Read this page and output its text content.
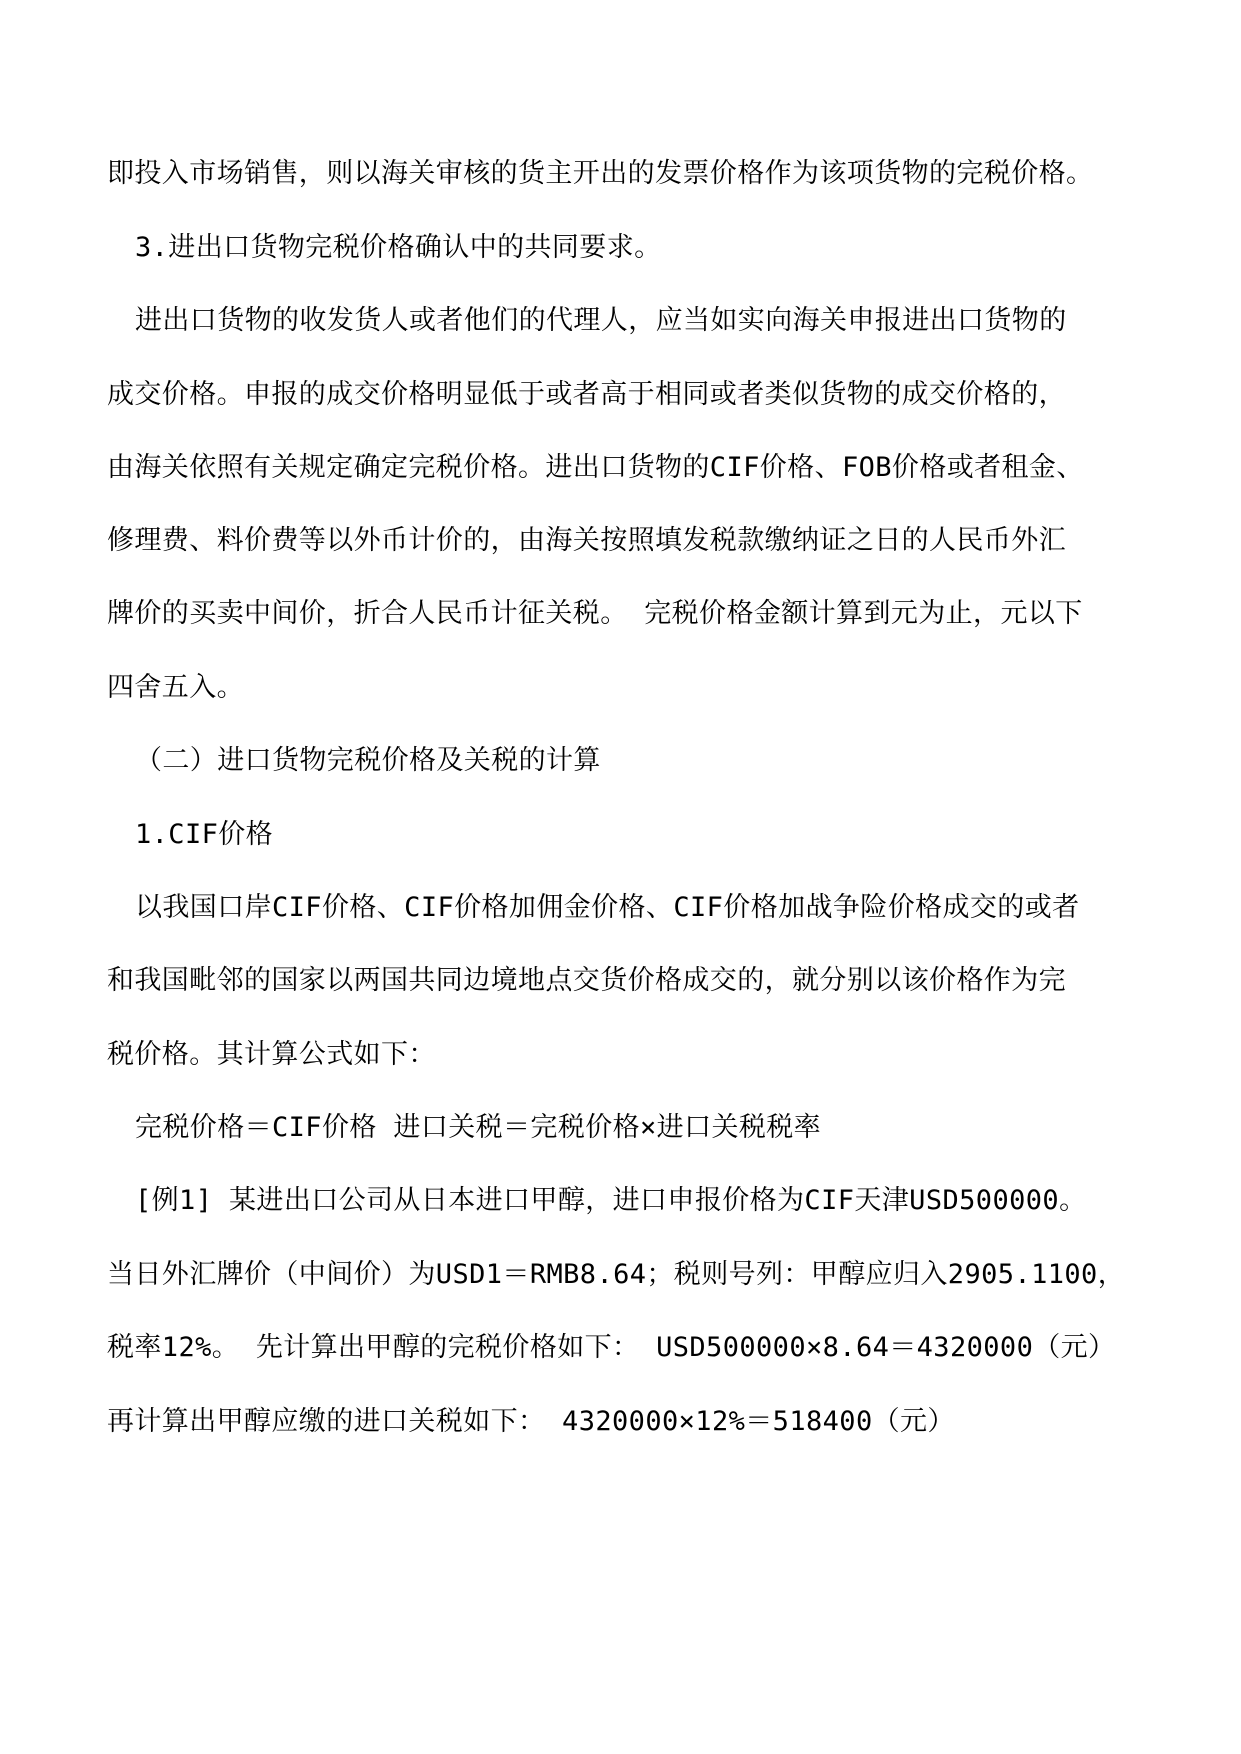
即投入市场销售，则以海关审核的货主开出的发票价格作为该项货物的完税价格。
3.进出口货物完税价格确认中的共同要求。
进出口货物的收发货人或者他们的代理人，应当如实向海关申报进出口货物的
成交价格。申报的成交价格明显低于或者高于相同或者类似货物的成交价格的，
由海关依照有关规定确定完税价格。进出口货物的CIF价格、FOB价格或者租金、
修理费、料价费等以外币计价的，由海关按照填发税款缴纳证之日的人民币外汇
牌价的买卖中间价，折合人民币计征关税。 完税价格金额计算到元为止，元以下
四舍五入。
（二）进口货物完税价格及关税的计算
1.CIF价格
以我国口岸CIF价格、CIF价格加佣金价格、CIF价格加战争险价格成交的或者
和我国毗邻的国家以两国共同边境地点交货价格成交的，就分别以该价格作为完
税价格。其计算公式如下：
完税价格＝CIF价格 进口关税＝完税价格×进口关税税率
[例1] 某进出口公司从日本进口甲醇，进口申报价格为CIF天津USD500000。
当日外汇牌价（中间价）为USD1＝RMB8.64；税则号列：甲醇应归入2905.1100，
税率12%。 先计算出甲醇的完税价格如下： USD500000×8.64＝4320000（元）
再计算出甲醇应缴的进口关税如下： 4320000×12%＝518400（元）
